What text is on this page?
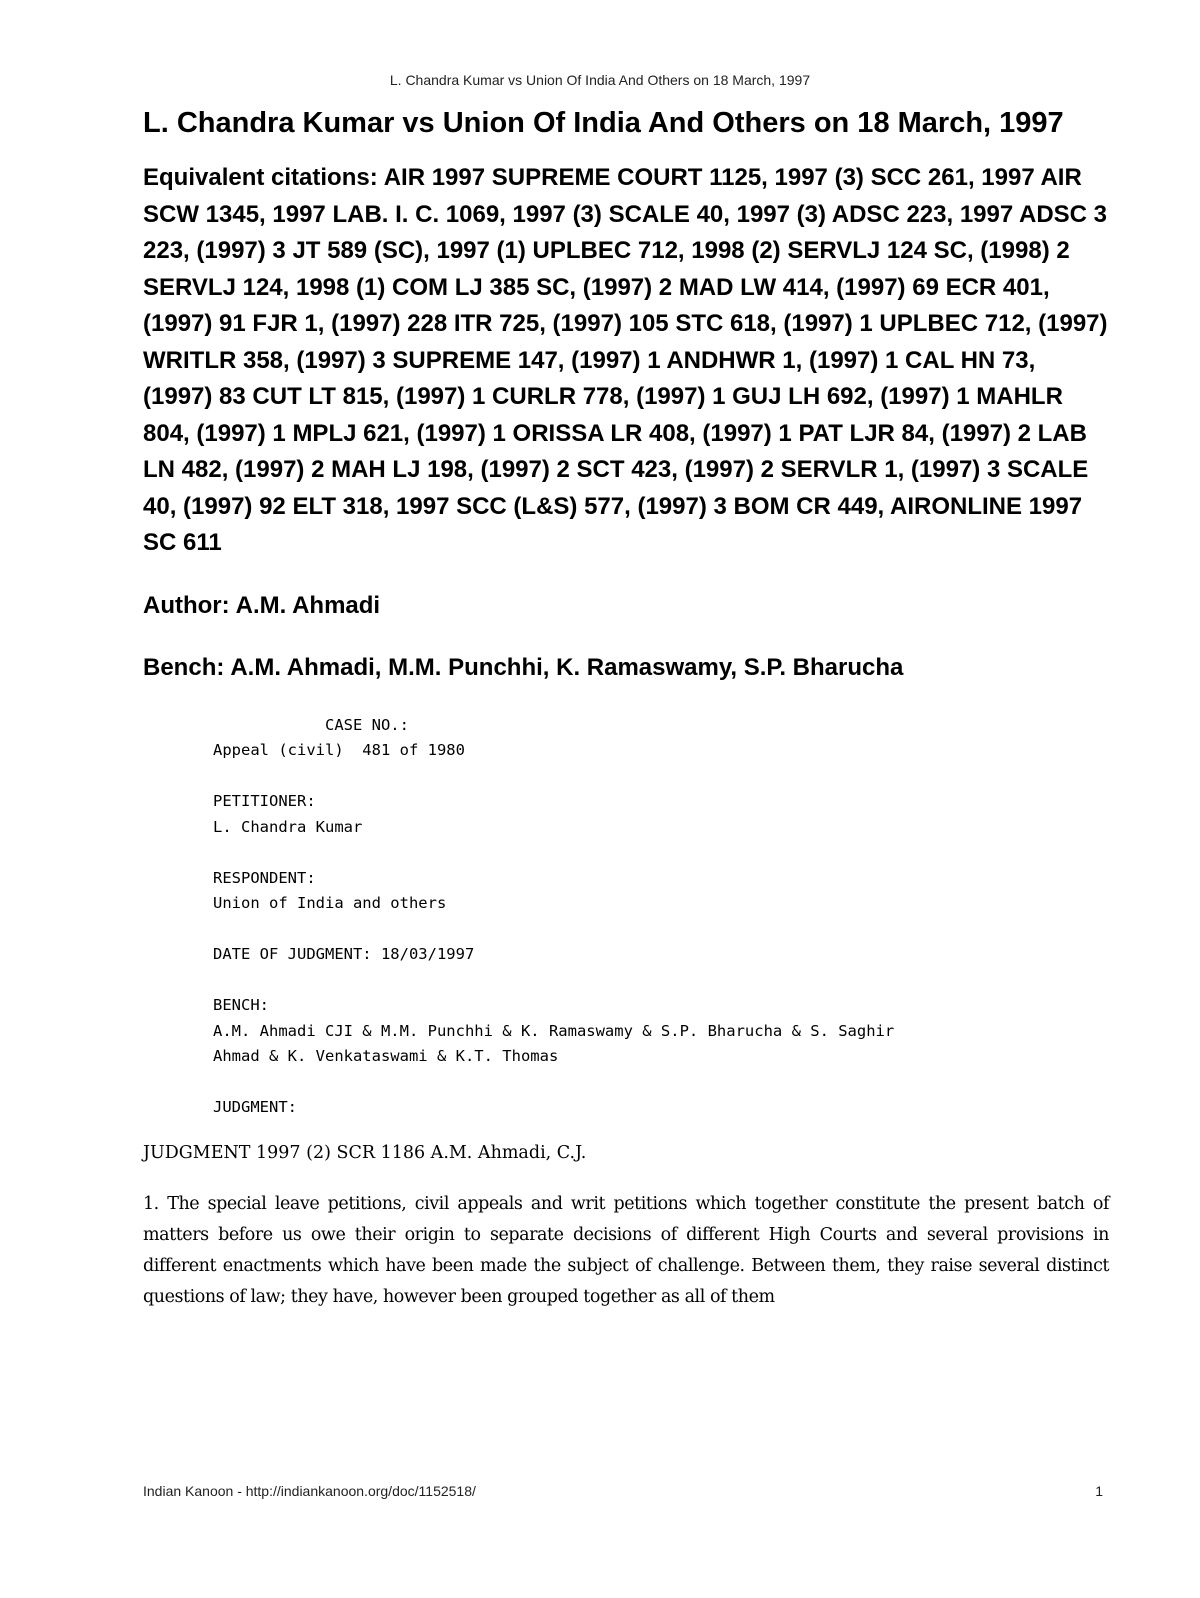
L. Chandra Kumar vs Union Of India And Others on 18 March, 1997
L. Chandra Kumar vs Union Of India And Others on 18 March, 1997
Equivalent citations: AIR 1997 SUPREME COURT 1125, 1997 (3) SCC 261, 1997 AIR SCW 1345, 1997 LAB. I. C. 1069, 1997 (3) SCALE 40, 1997 (3) ADSC 223, 1997 ADSC 3 223, (1997) 3 JT 589 (SC), 1997 (1) UPLBEC 712, 1998 (2) SERVLJ 124 SC, (1998) 2 SERVLJ 124, 1998 (1) COM LJ 385 SC, (1997) 2 MAD LW 414, (1997) 69 ECR 401, (1997) 91 FJR 1, (1997) 228 ITR 725, (1997) 105 STC 618, (1997) 1 UPLBEC 712, (1997) WRITLR 358, (1997) 3 SUPREME 147, (1997) 1 ANDHWR 1, (1997) 1 CAL HN 73, (1997) 83 CUT LT 815, (1997) 1 CURLR 778, (1997) 1 GUJ LH 692, (1997) 1 MAHLR 804, (1997) 1 MPLJ 621, (1997) 1 ORISSA LR 408, (1997) 1 PAT LJR 84, (1997) 2 LAB LN 482, (1997) 2 MAH LJ 198, (1997) 2 SCT 423, (1997) 2 SERVLR 1, (1997) 3 SCALE 40, (1997) 92 ELT 318, 1997 SCC (L&S) 577, (1997) 3 BOM CR 449, AIRONLINE 1997 SC 611
Author: A.M. Ahmadi
Bench: A.M. Ahmadi, M.M. Punchhi, K. Ramaswamy, S.P. Bharucha
CASE NO.:
Appeal (civil)  481 of 1980

PETITIONER:
L. Chandra Kumar

RESPONDENT:
Union of India and others

DATE OF JUDGMENT: 18/03/1997

BENCH:
A.M. Ahmadi CJI & M.M. Punchhi & K. Ramaswamy & S.P. Bharucha & S. Saghir
Ahmad & K. Venkataswami & K.T. Thomas

JUDGMENT:
JUDGMENT 1997 (2) SCR 1186 A.M. Ahmadi, C.J.

1. The special leave petitions, civil appeals and writ petitions which together constitute the present batch of matters before us owe their origin to separate decisions of different High Courts and several provisions in different enactments which have been made the subject of challenge. Between them, they raise several distinct questions of law; they have, however been grouped together as all of them

Indian Kanoon - http://indiankanoon.org/doc/1152518/	1
